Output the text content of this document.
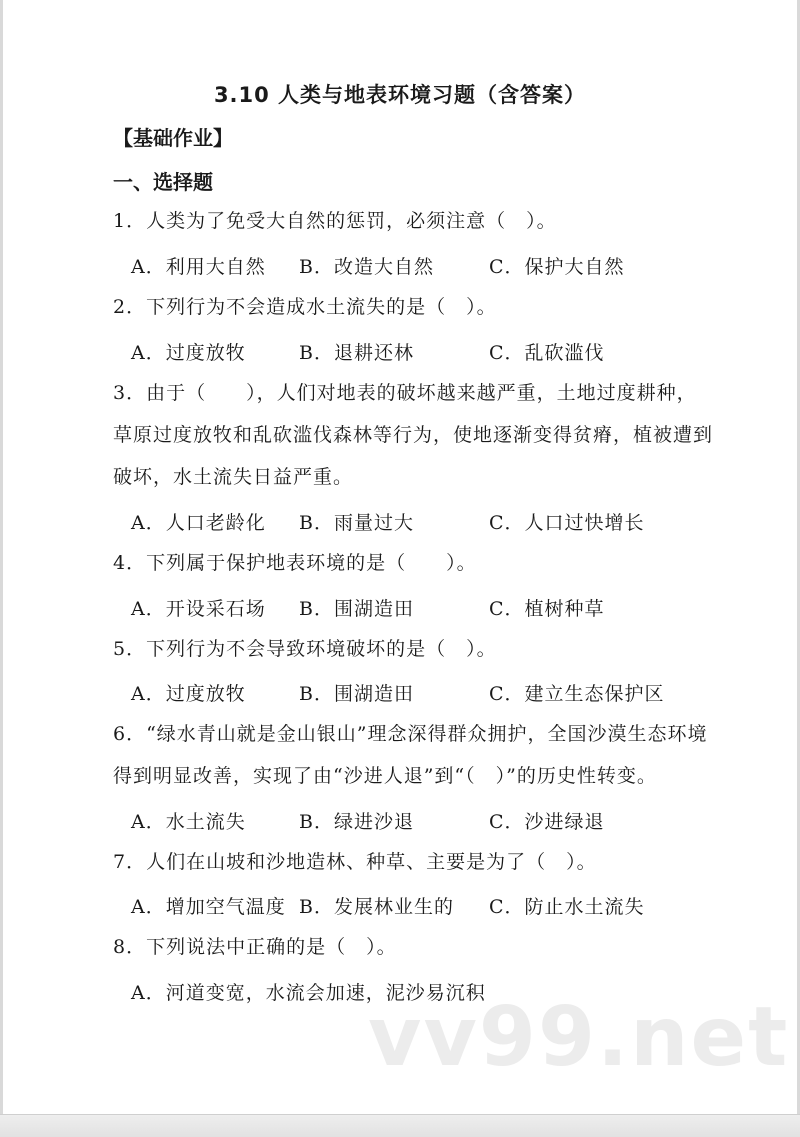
3.10 人类与地表环境习题（含答案）
【基础作业】
一、选择题

1．人类为了免受大自然的惩罚，必须注意（　）。

A．利用大自然 B．改造大自然	C．保护大自然

2．下列行为不会造成水土流失的是（　）。

A．过度放牧	B．退耕还林	C．乱砍滥伐

3．由于（　　），人们对地表的破坏越来越严重，土地过度耕种，

草原过度放牧和乱砍滥伐森林等行为，使地逐渐变得贫瘠，植被遭到

破坏，水土流失日益严重。

A．人口老龄化 B．雨量过大	C．人口过快增长

4．下列属于保护地表环境的是（　　）。

A．开设采石场 B．围湖造田	C．植树种草

5．下列行为不会导致环境破坏的是（　）。

A．过度放牧	B．围湖造田	C．建立生态保护区

6．“绿水青山就是金山银山”理念深得群众拥护，全国沙漠生态环境

得到明显改善，实现了由“沙进人退”到“（　）”的历史性转变。

A．水土流失	B．绿进沙退	C．沙进绿退

7．人们在山坡和沙地造林、种草、主要是为了（　）。

A．增加空气温度 B．发展林业生的 C．防止水土流失

8．下列说法中正确的是（　）。

A．河道变宽，水流会加速，泥沙易沉积
vv99.net
